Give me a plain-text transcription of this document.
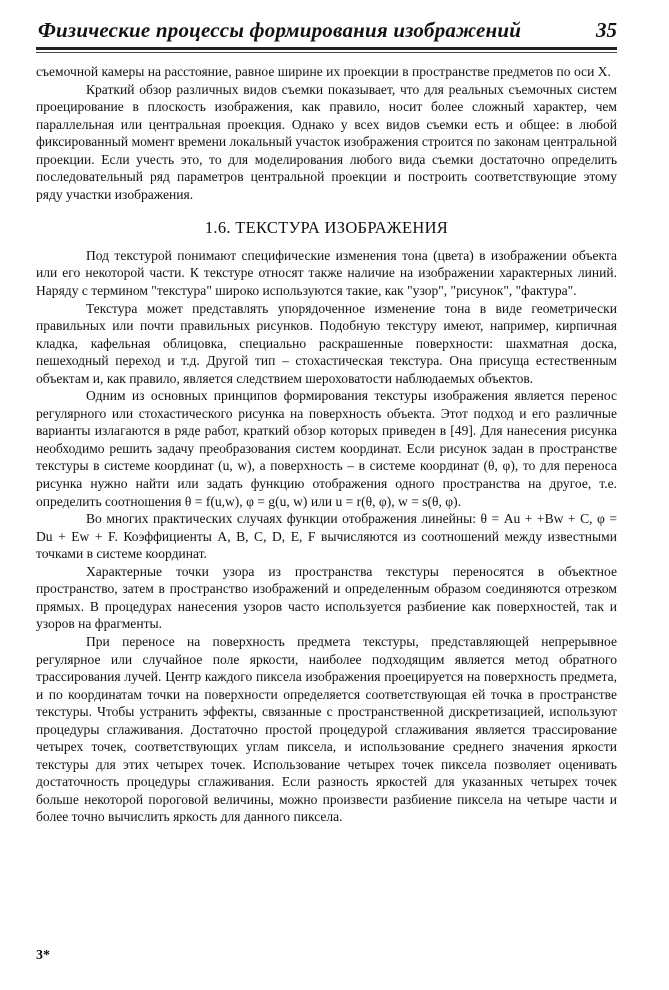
Физические процессы формирования изображений	35

съемочной камеры на расстояние, равное ширине их проекции в пространстве предметов по оси X.

Краткий обзор различных видов съемки показывает, что для реальных съемочных систем проецирование в плоскость изображения, как правило, носит более сложный характер, чем параллельная или центральная проекция. Однако у всех видов съемки есть и общее: в любой фиксированный момент времени локальный участок изображения строится по законам центральной проекции. Если учесть это, то для моделирования любого вида съемки достаточно определить последовательный ряд параметров центральной проекции и построить соответствующие этому ряду участки изображения.

1.6. ТЕКСТУРА ИЗОБРАЖЕНИЯ

Под текстурой понимают специфические изменения тона (цвета) в изображении объекта или его некоторой части. К текстуре относят также наличие на изображении характерных линий. Наряду с термином "текстура" широко используются такие, как "узор", "рисунок", "фактура".

Текстура может представлять упорядоченное изменение тона в виде геометрически правильных или почти правильных рисунков. Подобную текстуру имеют, например, кирпичная кладка, кафельная облицовка, специально раскрашенные поверхности: шахматная доска, пешеходный переход и т.д. Другой тип – стохастическая текстура. Она присуща естественным объектам и, как правило, является следствием шероховатости наблюдаемых объектов.

Одним из основных принципов формирования текстуры изображения является перенос регулярного или стохастического рисунка на поверхность объекта. Этот подход и его различные варианты излагаются в ряде работ, краткий обзор которых приведен в [49]. Для нанесения рисунка необходимо решить задачу преобразования систем координат. Если рисунок задан в пространстве текстуры в системе координат (u, w), а поверхность – в системе координат (θ, φ), то для переноса рисунка нужно найти или задать функцию отображения одного пространства на другое, т.е. определить соотношения θ = f(u,w), φ = g(u, w) или u = r(θ, φ), w = s(θ, φ).

Во многих практических случаях функции отображения линейны: θ = Au + +Bw + C, φ = Du + Ew + F. Коэффициенты A, B, C, D, E, F вычисляются из соотношений между известными точками в системе координат.

Характерные точки узора из пространства текстуры переносятся в объектное пространство, затем в пространство изображений и определенным образом соединяются отрезком прямых. В процедурах нанесения узоров часто используется разбиение как поверхностей, так и узоров на фрагменты.

При переносе на поверхность предмета текстуры, представляющей непрерывное регулярное или случайное поле яркости, наиболее подходящим является метод обратного трассирования лучей. Центр каждого пиксела изображения проецируется на поверхность предмета, и по координатам точки на поверхности определяется соответствующая ей точка в пространстве текстуры. Чтобы устранить эффекты, связанные с пространственной дискретизацией, используют процедуры сглаживания. Достаточно простой процедурой сглаживания является трассирование четырех точек, соответствующих углам пиксела, и использование среднего значения яркости текстуры для этих четырех точек. Использование четырех точек пиксела позволяет оценивать достаточность процедуры сглаживания. Если разность яркостей для указанных четырех точек больше некоторой пороговой величины, можно произвести разбиение пиксела на четыре части и более точно вычислить яркость для данного пиксела.

3*
